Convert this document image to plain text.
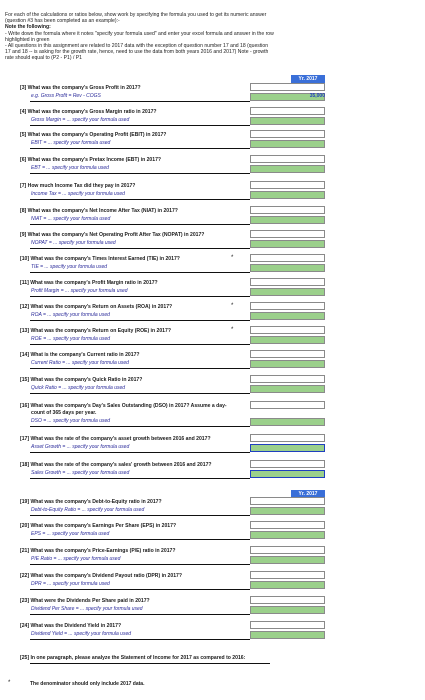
For each of the calculations or ratios below, show work by specifying the formula you used to get its numeric answer
(question #3 has been completed as an example):-
Note the following:
- Write down the formula where it notes "specify your formula used" and enter your excel formula and answer in the row
highlighted in green
- All questions in this assignment are related to 2017 data with the exception of question number 17 and 18 (question
17 and 18 -- is asking for the growth rate, hence, need to use the data from both years 2016 and 2017) Note - growth
rate should equal to (P2 - P1) / P1
Yr. 2017
Yr. 2017
[3] What was the company's Gross Profit in 2017?
e.g. Gross Profit = Rev - COGS
[4] What was the company's Gross Margin ratio in 2017?
Gross Margin = ... specify your formula used
[5] What was the company's Operating Profit (EBIT) in 2017?
EBIT = ... specify your formula used
[6] What was the company's Pretax Income (EBT) in 2017?
EBT = ... specify your formula used
[7] How much Income Tax did they pay in 2017?
Income Tax = ... specify your formula used
[8] What was the company's Net Income After Tax (NIAT) in 2017?
NIAT = ... specify your formula used
[9] What was the company's Net Operating Profit After Tax (NOPAT) in 2017?
NOPAT = ... specify your formula used
[10] What was the company's Times Interest Earned (TIE) in 2017?
TIE = ... specify your formula used
*
[11] What was the company's Profit Margin ratio in 2017?
Profit Margin = ... specify your formula used
[12] What was the company's Return on Assets (ROA) in 2017?
ROA = ... specify your formula used
*
[13] What was the company's Return on Equity (ROE) in 2017?
ROE = ... specify your formula used
*
[14] What is the company's Current ratio in 2017?
Current Ratio = ... specify your formula used
[15] What was the company's Quick Ratio in 2017?
Quick Ratio = ... specify your formula used
[16] What was the company's Day's Sales Outstanding (DSO) in 2017? Assume a day-
DSO = ... specify your formula used
[17] What was the rate of the company's asset growth between 2016 and 2017?
Asset Growth = ... specify your formula used
[18] What was the rate of the company's sales' growth between 2016 and 2017?
Sales Growth = ... specify your formula used
[19] What was the company's Debt-to-Equity ratio in 2017?
Debt-to-Equity Ratio = ... specify your formula used
[20] What was the company's Earnings Per Share (EPS) in 2017?
EPS = ... specify your formula used
[21] What was the company's Price-Earnings (P/E) ratio in 2017?
P/E Ratio = ... specify your formula used
[22] What was the company's Dividend Payout ratio (DPR) in 2017?
DPR = ... specify your formula used
[23] What were the Dividends Per Share paid in 2017?
Dividend Per Share = ... specify your formula used
[24] What was the Dividend Yield in 2017?
Dividend Yield = ... specify your formula used
count of 365 days per year.
35,000
[25] In one paragraph, please analyze the Statement of Income for 2017 as compared to 2016:
*	The denominator should only include 2017 data.
